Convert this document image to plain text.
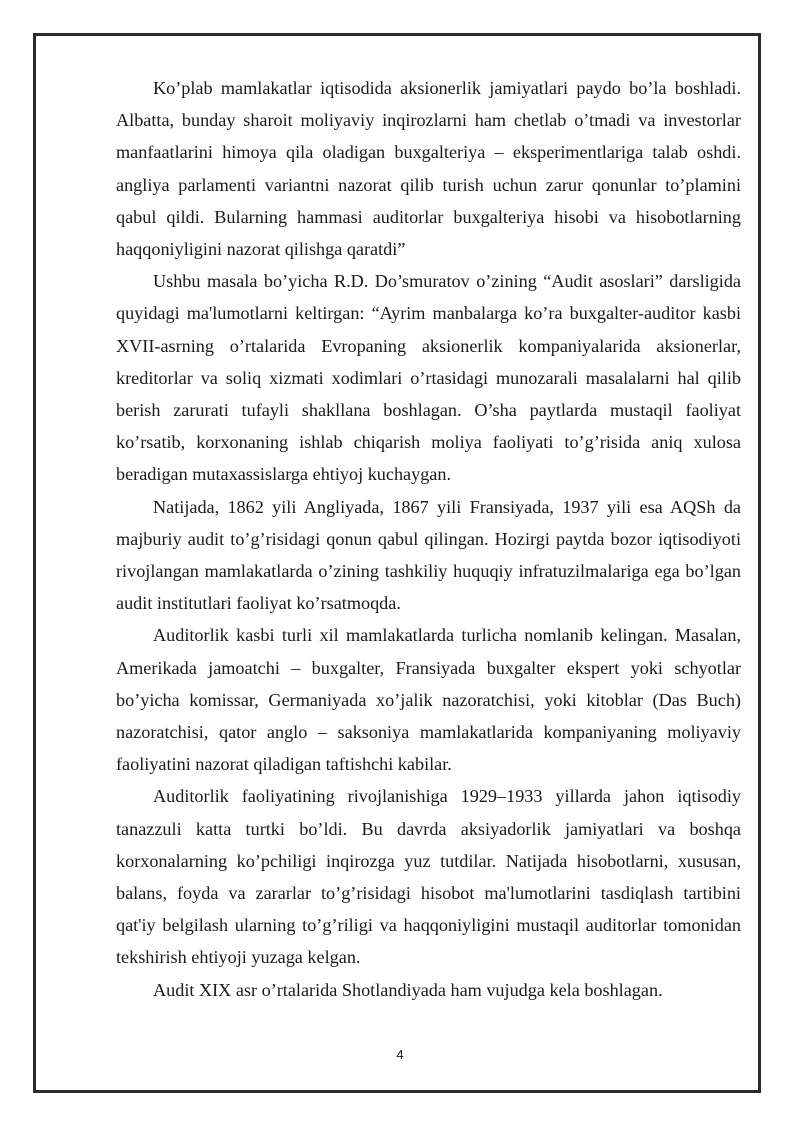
Ko’plab mamlakatlar iqtisodida aksionerlik jamiyatlari paydo bo’la boshladi. Albatta, bunday sharoit moliyaviy inqirozlarni ham chetlab o’tmadi va investorlar manfaatlarini himoya qila oladigan buxgalteriya – eksperimentlariga talab oshdi. angliya parlamenti variantni nazorat qilib turish uchun zarur qonunlar to’plamini qabul qildi. Bularning hammasi auditorlar buxgalteriya hisobi va hisobotlarning haqqoniyligini nazorat qilishga qaratdi”

Ushbu masala bo’yicha R.D. Do’smuratov o’zining “Audit asoslari” darsligida quyidagi ma'lumotlarni keltirgan: “Ayrim manbalarga ko’ra buxgalter-auditor kasbi XVII-asrning o’rtalarida Evropaning aksionerlik kompaniyalarida aksionerlar, kreditorlar va soliq xizmati xodimlari o’rtasidagi munozarali masalalarni hal qilib berish zarurati tufayli shakllana boshlagan. O’sha paytlarda mustaqil faoliyat ko’rsatib, korxonaning ishlab chiqarish moliya faoliyati to’g’risida aniq xulosa beradigan mutaxassislarga ehtiyoj kuchaygan.

Natijada, 1862 yili Angliyada, 1867 yili Fransiyada, 1937 yili esa AQSh da majburiy audit to’g’risidagi qonun qabul qilingan. Hozirgi paytda bozor iqtisodiyoti rivojlangan mamlakatlarda o’zining tashkiliy huquqiy infratuzilmalariga ega bo’lgan audit institutlari faoliyat ko’rsatmoqda.

Auditorlik kasbi turli xil mamlakatlarda turlicha nomlanib kelingan. Masalan, Amerikada jamoatchi – buxgalter, Fransiyada buxgalter ekspert yoki schyotlar bo’yicha komissar, Germaniyada xo’jalik nazoratchisi, yoki kitoblar (Das Buch) nazoratchisi, qator anglo – saksoniya mamlakatlarida kompaniyaning moliyaviy faoliyatini nazorat qiladigan taftishchi kabilar.

Auditorlik faoliyatining rivojlanishiga 1929–1933 yillarda jahon iqtisodiy tanazzuli katta turtki bo’ldi. Bu davrda aksiyadorlik jamiyatlari va boshqa korxonalarning ko’pchiligi inqirozga yuz tutdilar. Natijada hisobotlarni, xususan, balans, foyda va zararlar to’g’risidagi hisobot ma'lumotlarini tasdiqlash tartibini qat'iy belgilash ularning to’g’riligi va haqqoniyligini mustaqil auditorlar tomonidan tekshirish ehtiyoji yuzaga kelgan.

Audit XIX asr o’rtalarida Shotlandiyada ham vujudga kela boshlagan.

4
